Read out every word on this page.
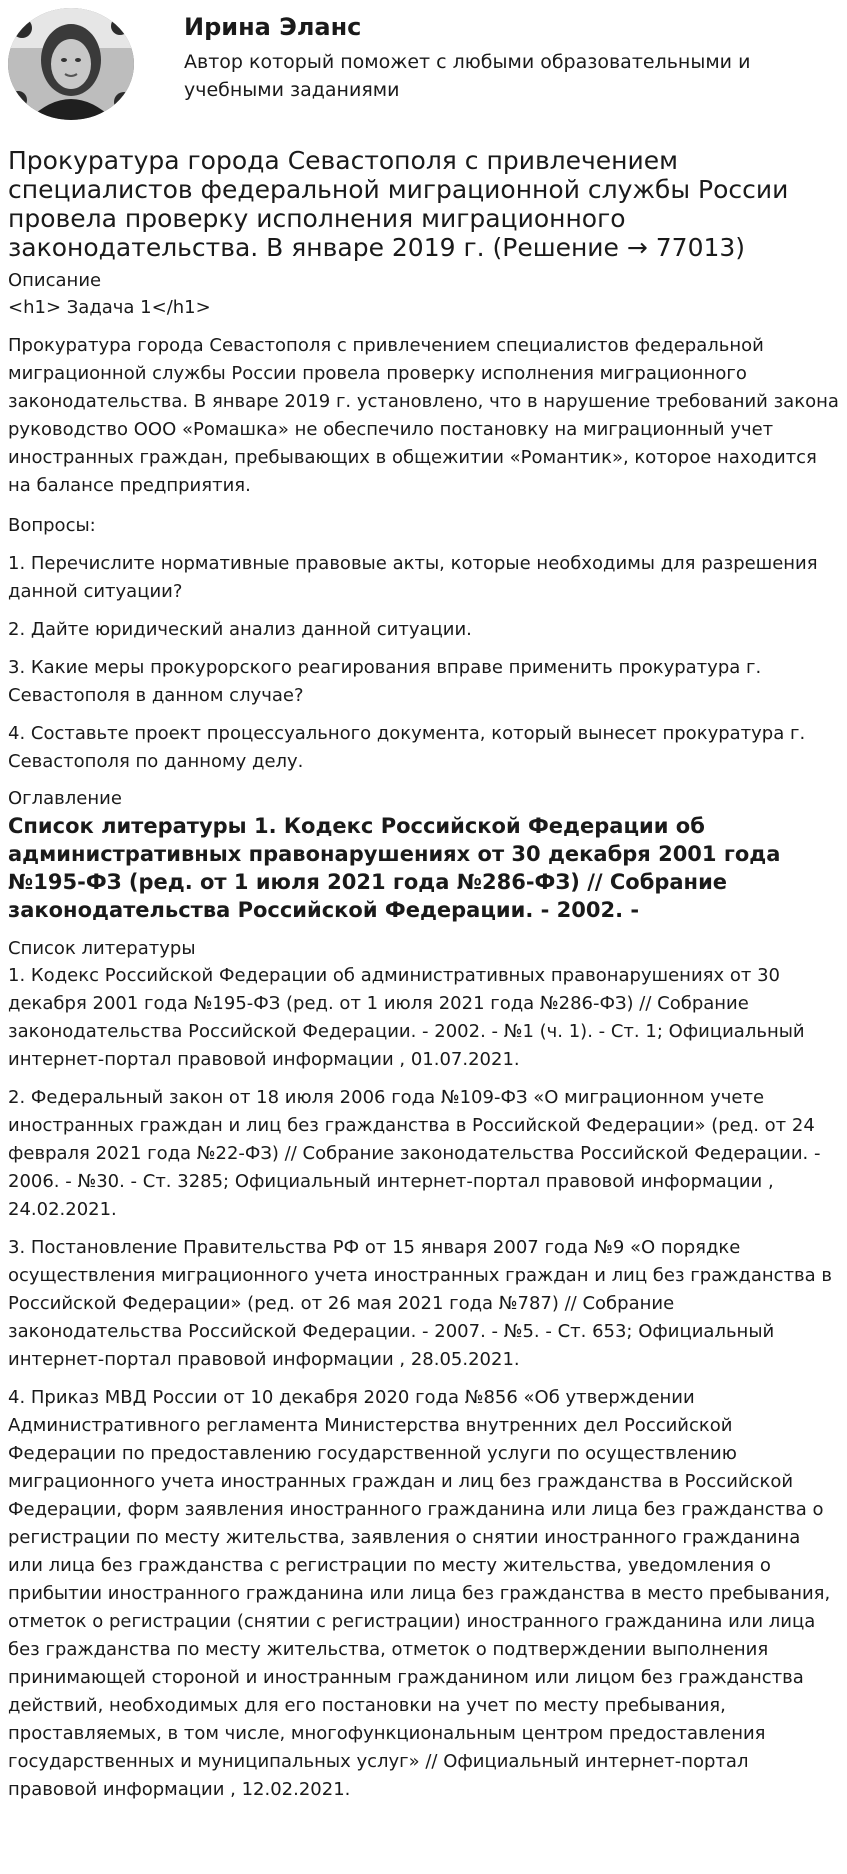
Ирина Эланс
Автор который поможет с любыми образовательными и учебными заданиями
Прокуратура города Севастополя с привлечением специалистов федеральной миграционной службы России провела проверку исполнения миграционного законодательства. В январе 2019 г. (Решение → 77013)

Описание

<h1> Задача 1</h1>

Прокуратура города Севастополя с привлечением специалистов федеральной миграционной службы России провела проверку исполнения миграционного законодательства. В январе 2019 г. установлено, что в нарушение требований закона руководство ООО «Ромашка» не обеспечило постановку на миграционный учет иностранных граждан, пребывающих в общежитии «Романтик», которое находится на балансе предприятия.

Вопросы:

1. Перечислите нормативные правовые акты, которые необходимы для разрешения данной ситуации?
2. Дайте юридический анализ данной ситуации.
3. Какие меры прокурорского реагирования вправе применить прокуратура г. Севастополя в данном случае?
4. Составьте проект процессуального документа, который вынесет прокуратура г. Севастополя по данному делу.

Оглавление

Список литературы 1. Кодекс Российской Федерации об административных правонарушениях от 30 декабря 2001 года №195-ФЗ (ред. от 1 июля 2021 года №286-ФЗ) // Собрание законодательства Российской Федерации. - 2002. -

Список литературы

1. Кодекс Российской Федерации об административных правонарушениях от 30 декабря 2001 года №195-ФЗ (ред. от 1 июля 2021 года №286-ФЗ) // Собрание законодательства Российской Федерации. - 2002. - №1 (ч. 1). - Ст. 1; Официальный интернет-портал правовой информации , 01.07.2021.
2. Федеральный закон от 18 июля 2006 года №109-ФЗ «О миграционном учете иностранных граждан и лиц без гражданства в Российской Федерации» (ред. от 24 февраля 2021 года №22-ФЗ) // Собрание законодательства Российской Федерации. - 2006. - №30. - Ст. 3285; Официальный интернет-портал правовой информации , 24.02.2021.
3. Постановление Правительства РФ от 15 января 2007 года №9 «О порядке осуществления миграционного учета иностранных граждан и лиц без гражданства в Российской Федерации» (ред. от 26 мая 2021 года №787) // Собрание законодательства Российской Федерации. - 2007. - №5. - Ст. 653; Официальный интернет-портал правовой информации , 28.05.2021.
4. Приказ МВД России от 10 декабря 2020 года №856 «Об утверждении Административного регламента Министерства внутренних дел Российской Федерации по предоставлению государственной услуги по осуществлению миграционного учета иностранных граждан и лиц без гражданства в Российской Федерации, форм заявления иностранного гражданина или лица без гражданства о регистрации по месту жительства, заявления о снятии иностранного гражданина или лица без гражданства с регистрации по месту жительства, уведомления о прибытии иностранного гражданина или лица без гражданства в место пребывания, отметок о регистрации (снятии с регистрации) иностранного гражданина или лица без гражданства по месту жительства, отметок о подтверждении выполнения принимающей стороной и иностранным гражданином или лицом без гражданства действий, необходимых для его постановки на учет по месту пребывания, проставляемых, в том числе, многофункциональным центром предоставления государственных и муниципальных услуг» // Официальный интернет-портал правовой информации , 12.02.2021.
